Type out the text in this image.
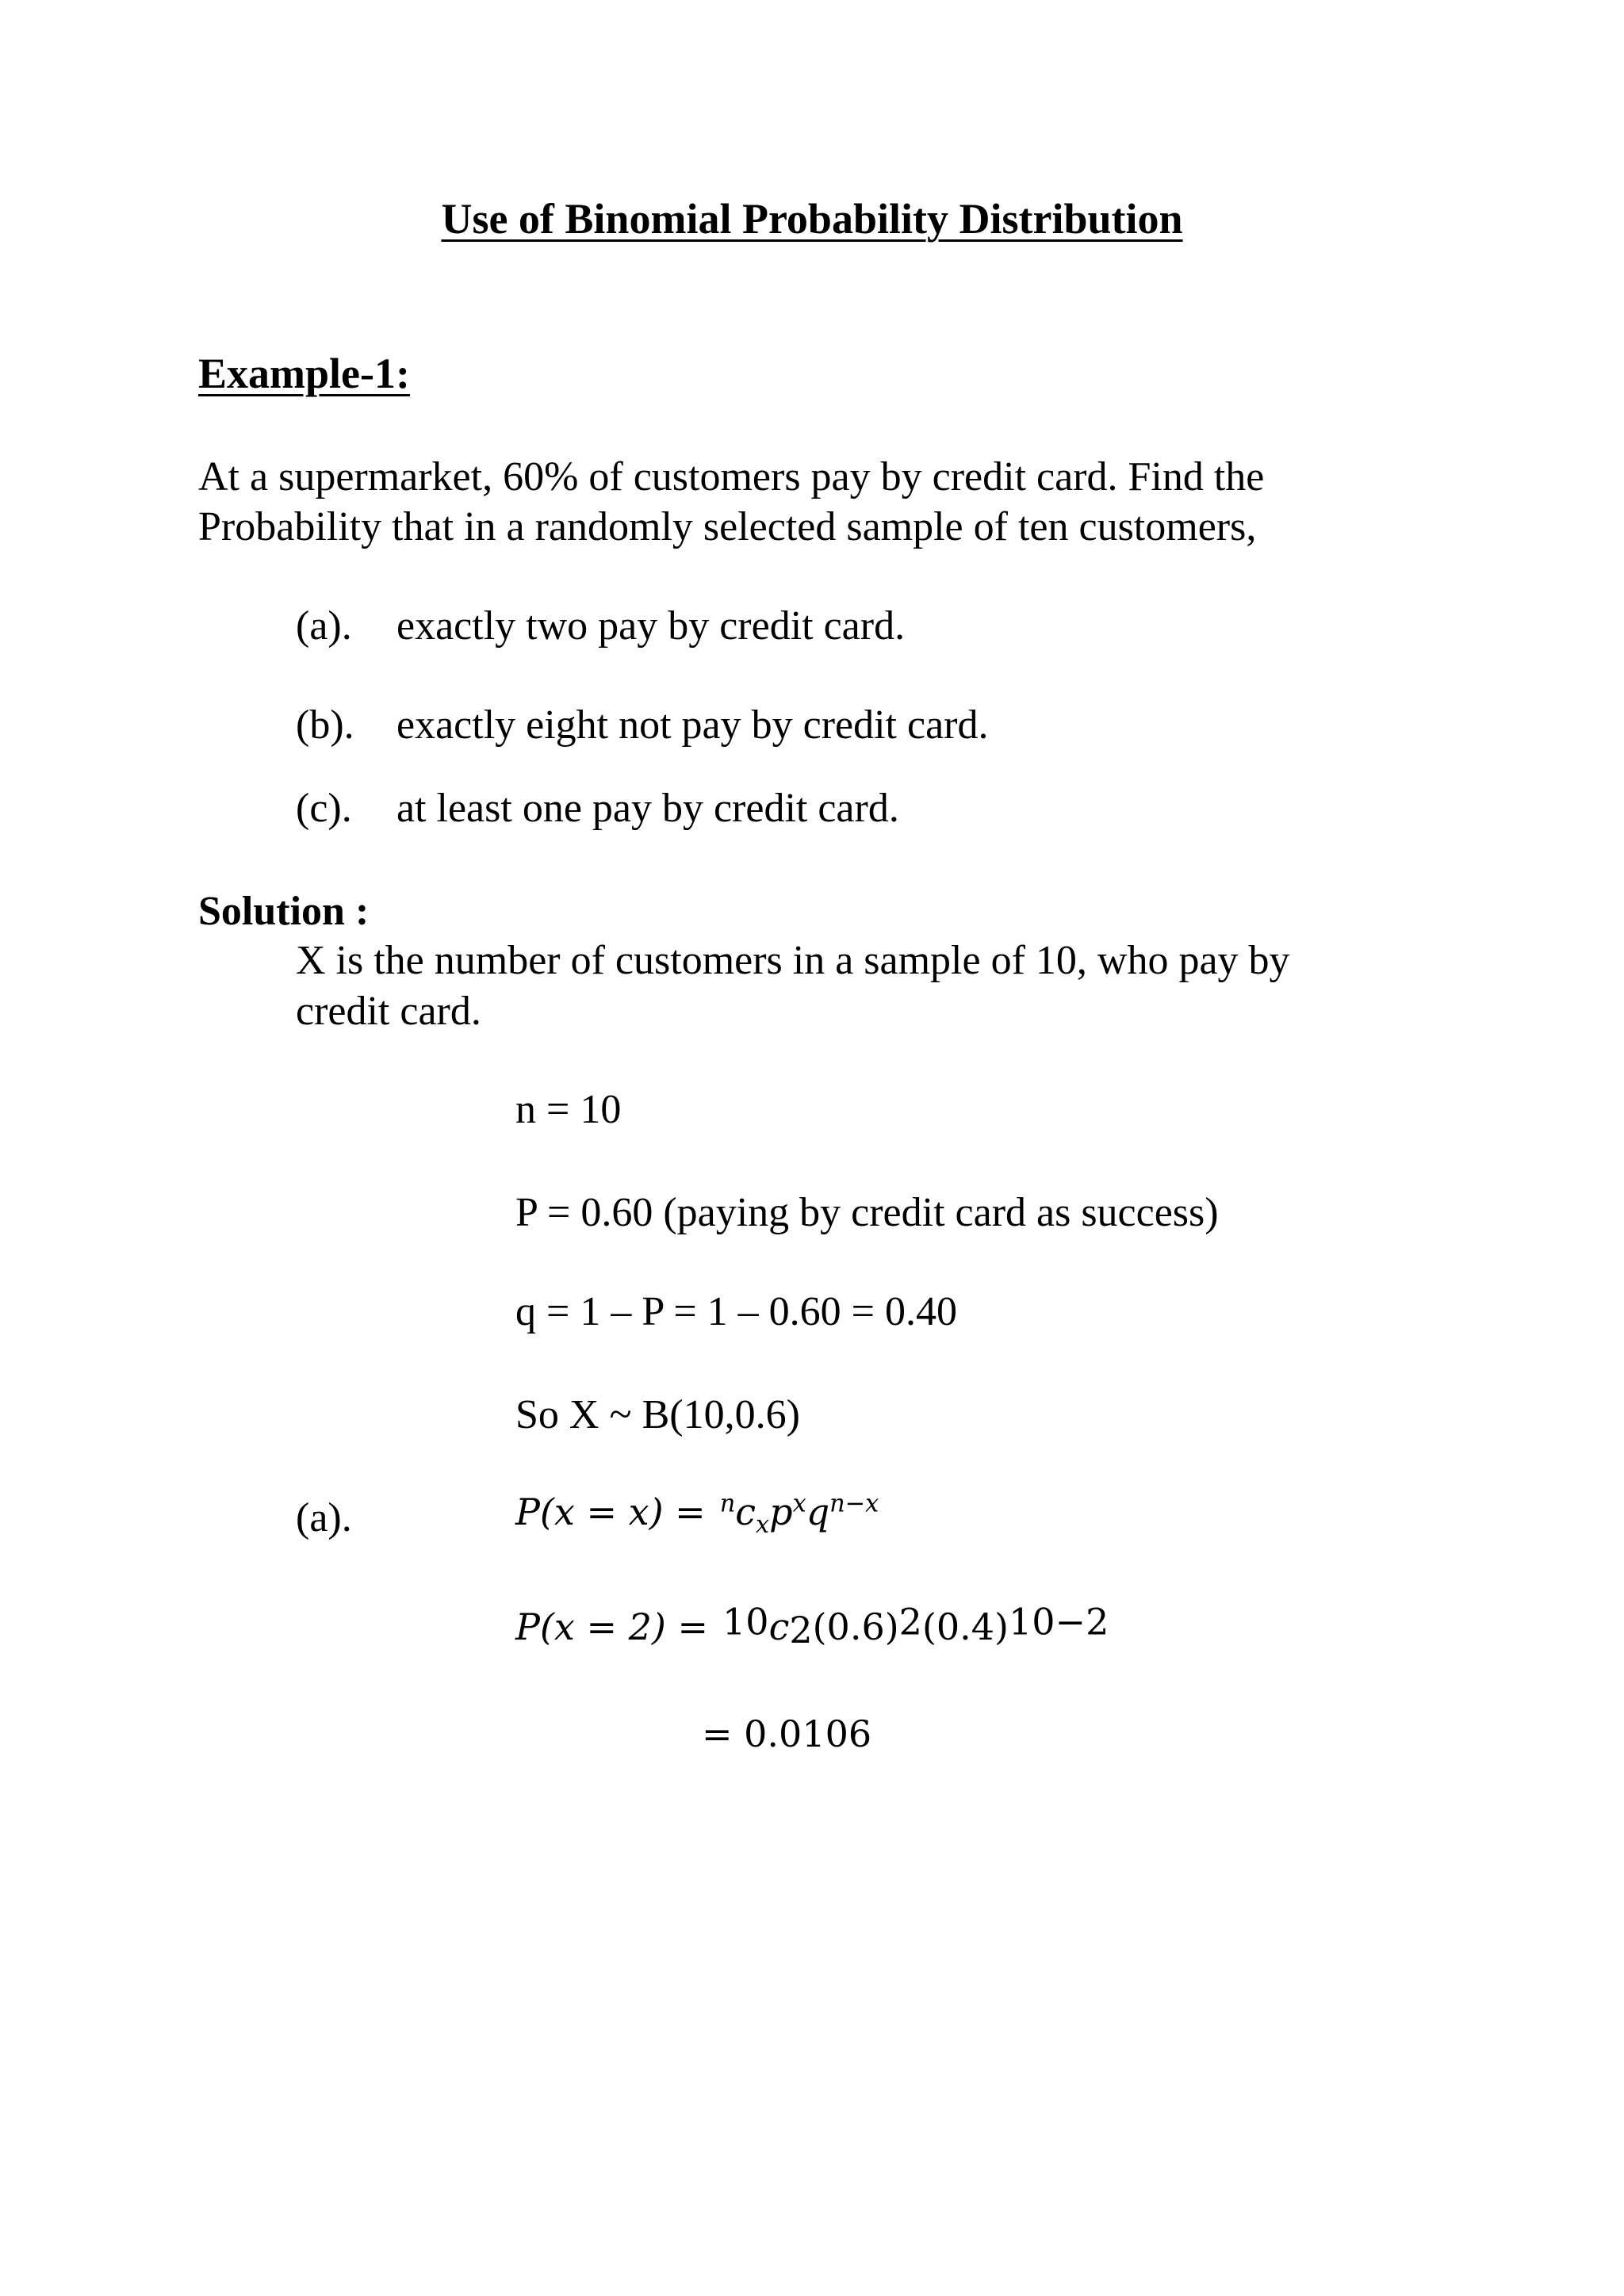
Use of Binomial Probability Distribution
Example-1:
At a supermarket, 60% of customers pay by credit card. Find the
Probability that in a randomly selected sample of ten customers,
(a). exactly two pay by credit card.
(b). exactly eight not pay by credit card.
(c). at least one pay by credit card.
Solution :
X is the number of customers in a sample of 10, who pay by
credit card.
n = 10
P = 0.60 (paying by credit card as success)
q = 1 – P = 1 – 0.60 = 0.40
So X ~ B(10,0.6)
(a).	$P(x = x) = ^nc_xp^xq^{n-x}$
$P(x = 2) = ^{10}c_2(0.6)^2(0.4)^{10-2}$
= 0.0106
